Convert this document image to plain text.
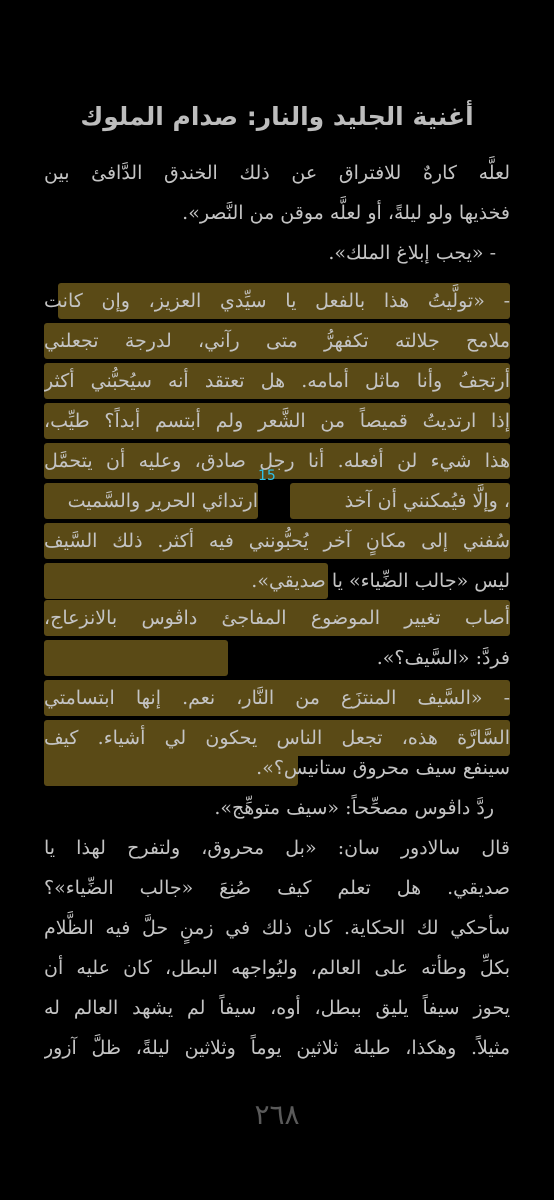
أغنية الجليد والنار: صدام الملوك
لعلَّه كارهٌ للافتراق عن ذلك الخندق الدَّافئ بين
فخذيها ولو ليلةً، أو لعلَّه موقن من النَّصر».
- «يجب إبلاغ الملك».
- «تولَّيتُ هذا بالفعل يا سيِّدي العزيز، وإن كانت
ملامح جلالته تكفهرُّ متى رآني، لدرجة تجعلني
أرتجفُ وأنا ماثل أمامه. هل تعتقد أنه سيُحبُّني أكثر
إذا ارتديتُ قميصاً من الشَّعر ولم أبتسم أبداً؟ طيِّب،
هذا شيء لن أفعله. أنا رجل صادق، وعليه أن يتحمَّل
ارتدائي الحرير والسَّميت
15
، وإلَّا فيُمكنني أن آخذ
سُفني إلى مكانٍ آخر يُحبُّونني فيه أكثر. ذلك السَّيف
ليس «جالب الضِّياء» يا صديقي».
أصاب تغيير الموضوع المفاجئ داڤوس بالانزعاج،
فردَّ: «السَّيف؟».
- «السَّيف المنتزَع من النَّار، نعم. إنها ابتسامتي
السَّارَّة هذه، تجعل الناس يحكون لي أشياء. كيف
سينفع سيف محروق ستانيس؟».
ردَّ داڤوس مصحِّحاً: «سيف متوهِّج».
قال سالادور سان: «بل محروق، ولتفرح لهذا يا
صديقي. هل تعلم كيف صُنِعَ «جالب الضِّياء»؟
سأحكي لك الحكاية. كان ذلك في زمنٍ حلَّ فيه الظَّلام
بكلِّ وطأته على العالم، وليُواجهه البطل، كان عليه أن
يحوز سيفاً يليق ببطل، أوه، سيفاً لم يشهد العالم له
مثيلاً. وهكذا، طيلة ثلاثين يوماً وثلاثين ليلةً، ظلَّ آزور
٢٦٨
